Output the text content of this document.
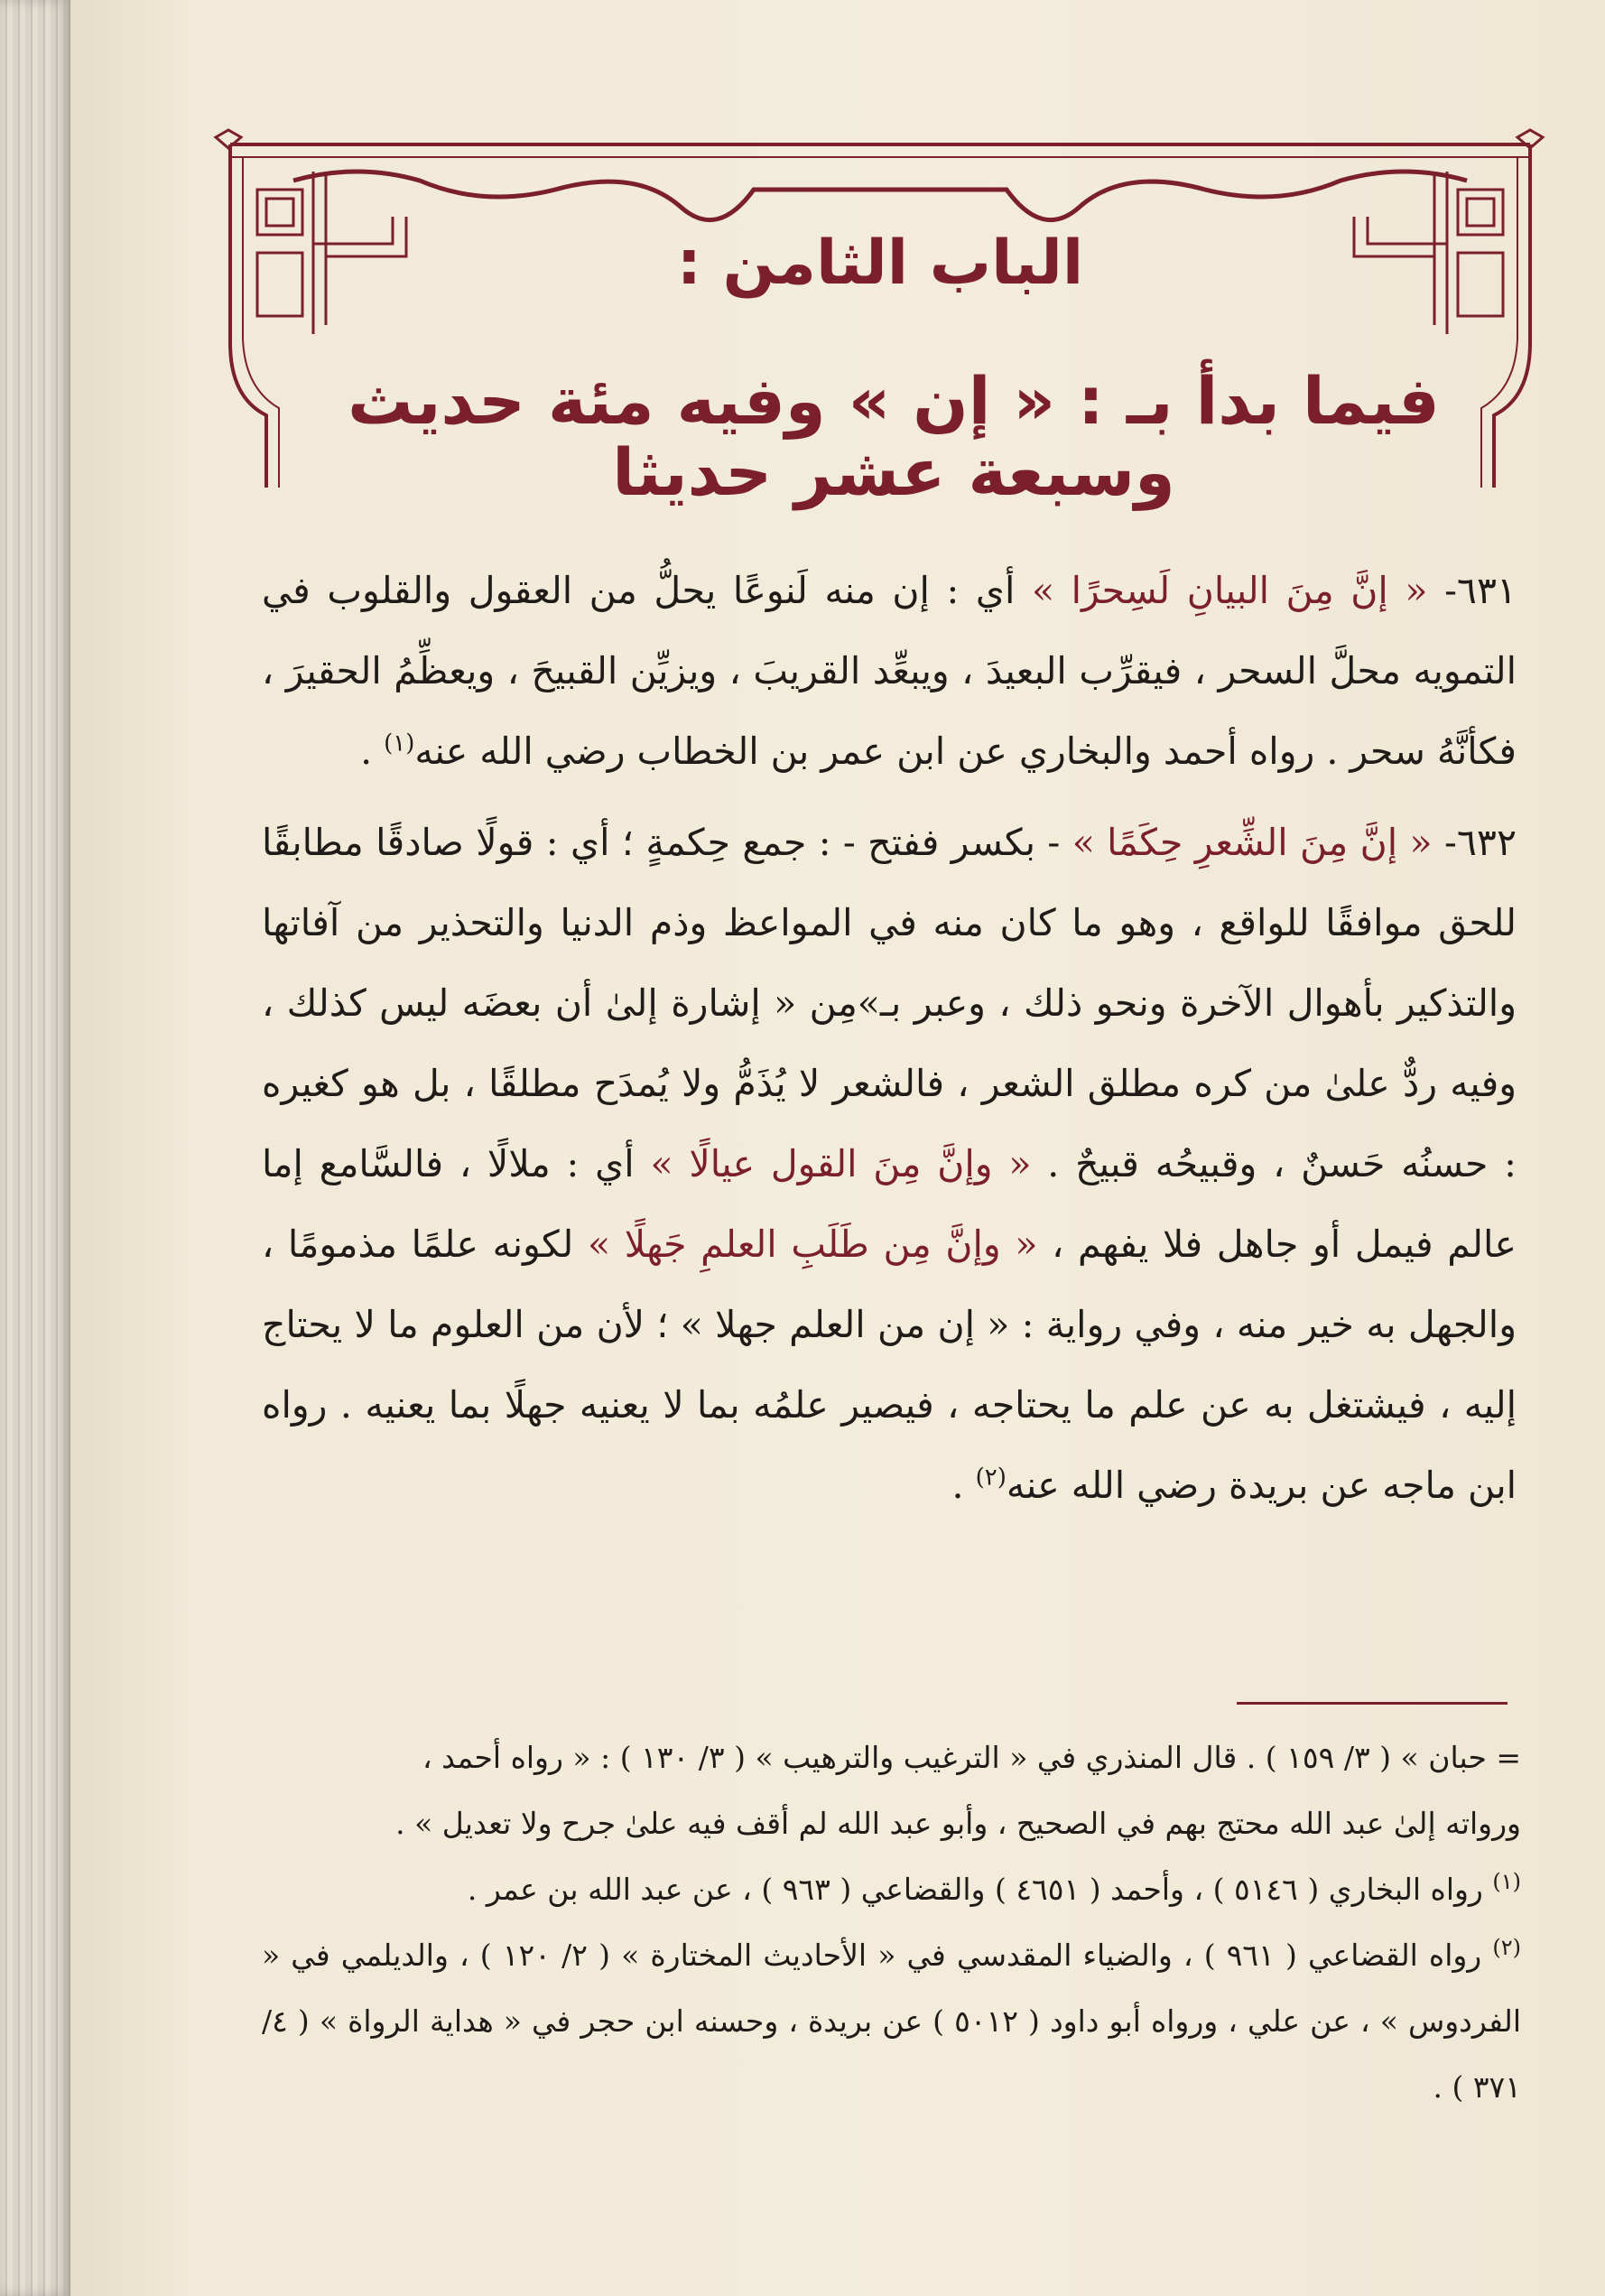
الباب الثامن :
فيما بدأ بـ : « إن » وفيه مئة حديث وسبعة عشر حديثا

٦٣١- « إنَّ مِنَ البيانِ لَسِحرًا » أي : إن منه لَنوعًا يحلُّ من العقول والقلوب في التمويه محلَّ السحر ، فيقرِّب البعيدَ ، ويبعِّد القريبَ ، ويزيِّن القبيحَ ، ويعظِّمُ الحقيرَ ، فكأنَّهُ سحر . رواه أحمد والبخاري عن ابن عمر بن الخطاب رضي الله عنه$^{(١)}$ .

٦٣٢- « إنَّ مِنَ الشِّعرِ حِكَمًا » - بكسر ففتح - : جمع حِكمةٍ ؛ أي : قولًا صادقًا مطابقًا للحق موافقًا للواقع ، وهو ما كان منه في المواعظ وذم الدنيا والتحذير من آفاتها والتذكير بأهوال الآخرة ونحو ذلك ، وعبر بـ»مِن « إشارة إلىٰ أن بعضَه ليس كذلك ، وفيه ردٌّ علىٰ من كره مطلق الشعر ، فالشعر لا يُذَمُّ ولا يُمدَح مطلقًا ، بل هو كغيره : حسنُه حَسنٌ ، وقبيحُه قبيحٌ . « وإنَّ مِنَ القول عيالًا » أي : ملالًا ، فالسَّامع إما عالم فيمل أو جاهل فلا يفهم ، « وإنَّ مِن طَلَبِ العلمِ جَهلًا » لكونه علمًا مذمومًا ، والجهل به خير منه ، وفي رواية : « إن من العلم جهلا » ؛ لأن من العلوم ما لا يحتاج إليه ، فيشتغل به عن علم ما يحتاجه ، فيصير علمُه بما لا يعنيه جهلًا بما يعنيه . رواه ابن ماجه عن بريدة رضي الله عنه$^{(٢)}$ .

= حبان » ( ٣/ ١٥٩ ) . قال المنذري في « الترغيب والترهيب » ( ٣/ ١٣٠ ) : « رواه أحمد ،

ورواته إلىٰ عبد الله محتج بهم في الصحيح ، وأبو عبد الله لم أقف فيه علىٰ جرح ولا تعديل » .

$^{(١)}$ رواه البخاري ( ٥١٤٦ ) ، وأحمد ( ٤٦٥١ ) والقضاعي ( ٩٦٣ ) ، عن عبد الله بن عمر .

$^{(٢)}$ رواه القضاعي ( ٩٦١ ) ، والضياء المقدسي في « الأحاديث المختارة » ( ٢/ ١٢٠ ) ، والديلمي في « الفردوس » ، عن علي ، ورواه أبو داود ( ٥٠١٢ ) عن بريدة ، وحسنه ابن حجر في « هداية الرواة » ( ٤/ ٣٧١ ) .
